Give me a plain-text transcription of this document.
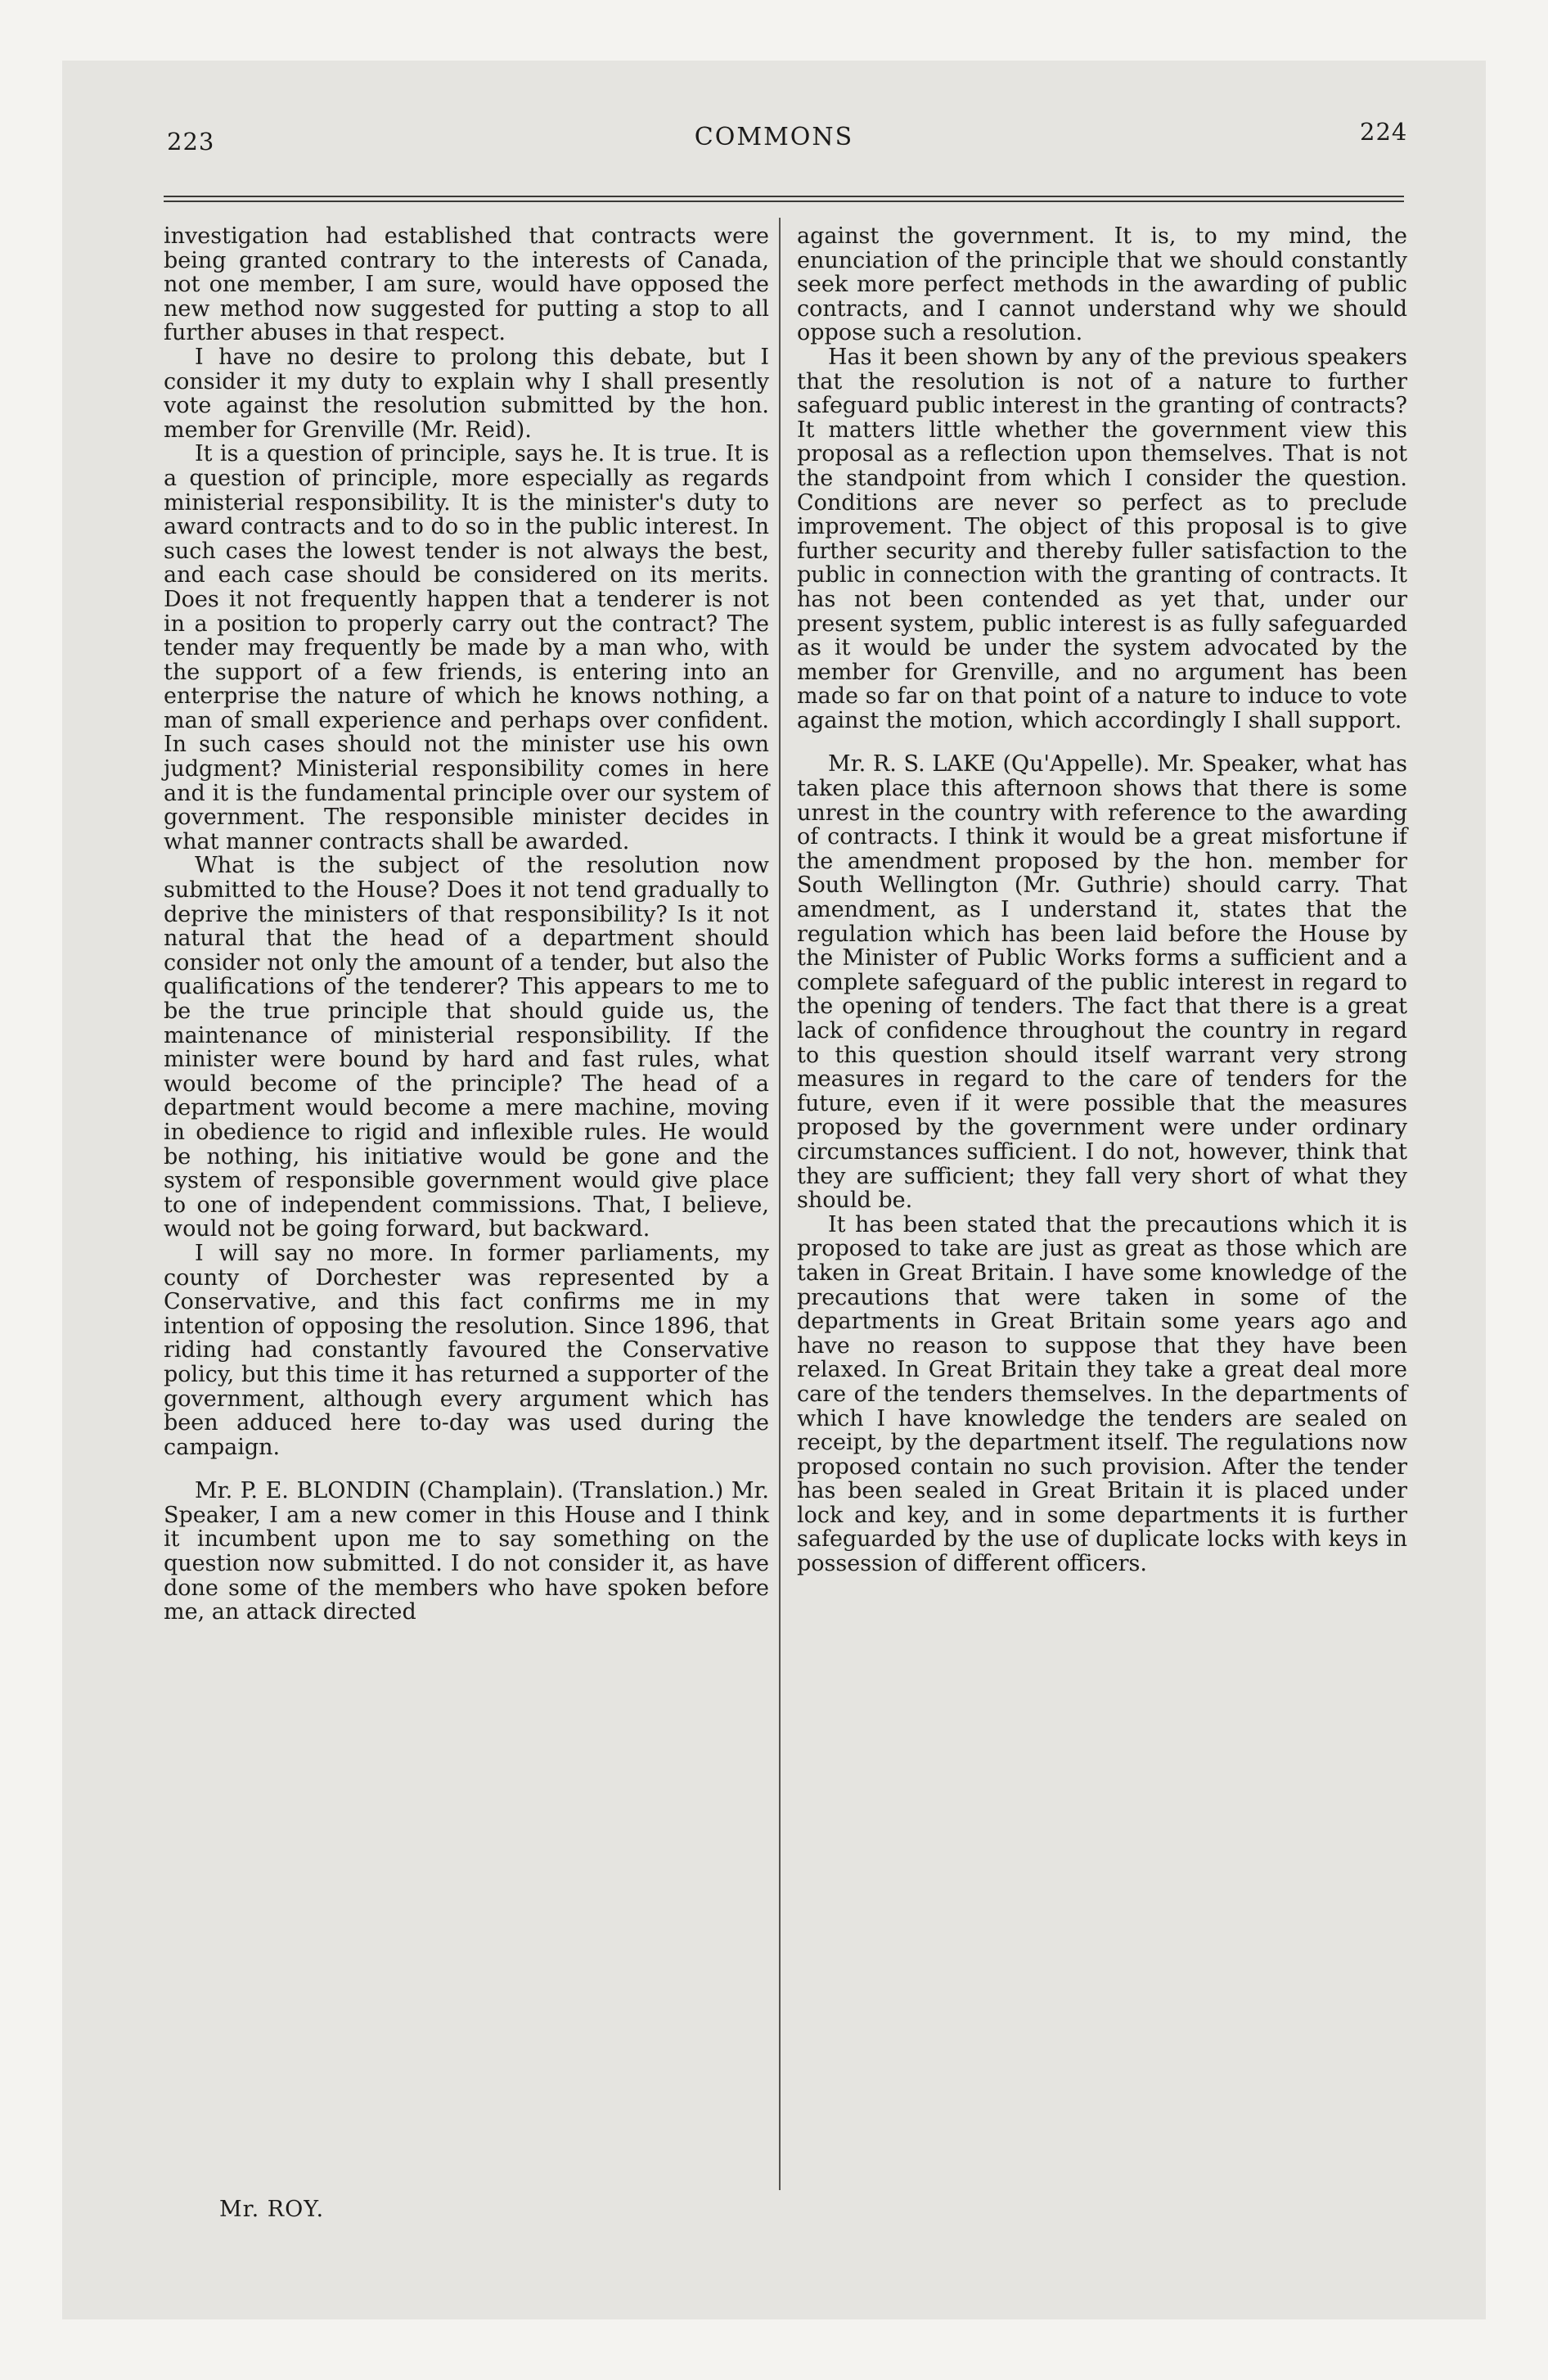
223	COMMONS	224

investigation had established that contracts were being granted contrary to the interests of Canada, not one member, I am sure, would have opposed the new method now suggested for putting a stop to all further abuses in that respect.

I have no desire to prolong this debate, but I consider it my duty to explain why I shall presently vote against the resolution submitted by the hon. member for Grenville (Mr. Reid).

It is a question of principle, says he. It is true. It is a question of principle, more especially as regards ministerial responsibility. It is the minister's duty to award contracts and to do so in the public interest. In such cases the lowest tender is not always the best, and each case should be considered on its merits. Does it not frequently happen that a tenderer is not in a position to properly carry out the contract? The tender may frequently be made by a man who, with the support of a few friends, is entering into an enterprise the nature of which he knows nothing, a man of small experience and perhaps over confident. In such cases should not the minister use his own judgment? Ministerial responsibility comes in here and it is the fundamental principle over our system of government. The responsible minister decides in what manner contracts shall be awarded.

What is the subject of the resolution now submitted to the House? Does it not tend gradually to deprive the ministers of that responsibility? Is it not natural that the head of a department should consider not only the amount of a tender, but also the qualifications of the tenderer? This appears to me to be the true principle that should guide us, the maintenance of ministerial responsibility. If the minister were bound by hard and fast rules, what would become of the principle? The head of a department would become a mere machine, moving in obedience to rigid and inflexible rules. He would be nothing, his initiative would be gone and the system of responsible government would give place to one of independent commissions. That, I believe, would not be going forward, but backward.

I will say no more. In former parliaments, my county of Dorchester was represented by a Conservative, and this fact confirms me in my intention of opposing the resolution. Since 1896, that riding had constantly favoured the Conservative policy, but this time it has returned a supporter of the government, although every argument which has been adduced here to-day was used during the campaign.

Mr. P. E. BLONDIN (Champlain). (Translation.) Mr. Speaker, I am a new comer in this House and I think it incumbent upon me to say something on the question now submitted. I do not consider it, as have done some of the members who have spoken before me, an attack directed

against the government. It is, to my mind, the enunciation of the principle that we should constantly seek more perfect methods in the awarding of public contracts, and I cannot understand why we should oppose such a resolution.

Has it been shown by any of the previous speakers that the resolution is not of a nature to further safeguard public interest in the granting of contracts? It matters little whether the government view this proposal as a reflection upon themselves. That is not the standpoint from which I consider the question. Conditions are never so perfect as to preclude improvement. The object of this proposal is to give further security and thereby fuller satisfaction to the public in connection with the granting of contracts. It has not been contended as yet that, under our present system, public interest is as fully safeguarded as it would be under the system advocated by the member for Grenville, and no argument has been made so far on that point of a nature to induce to vote against the motion, which accordingly I shall support.

Mr. R. S. LAKE (Qu'Appelle). Mr. Speaker, what has taken place this afternoon shows that there is some unrest in the country with reference to the awarding of contracts. I think it would be a great misfortune if the amendment proposed by the hon. member for South Wellington (Mr. Guthrie) should carry. That amendment, as I understand it, states that the regulation which has been laid before the House by the Minister of Public Works forms a sufficient and a complete safeguard of the public interest in regard to the opening of tenders. The fact that there is a great lack of confidence throughout the country in regard to this question should itself warrant very strong measures in regard to the care of tenders for the future, even if it were possible that the measures proposed by the government were under ordinary circumstances sufficient. I do not, however, think that they are sufficient; they fall very short of what they should be.

It has been stated that the precautions which it is proposed to take are just as great as those which are taken in Great Britain. I have some knowledge of the precautions that were taken in some of the departments in Great Britain some years ago and have no reason to suppose that they have been relaxed. In Great Britain they take a great deal more care of the tenders themselves. In the departments of which I have knowledge the tenders are sealed on receipt, by the department itself. The regulations now proposed contain no such provision. After the tender has been sealed in Great Britain it is placed under lock and key, and in some departments it is further safeguarded by the use of duplicate locks with keys in possession of different officers.

Mr. ROY.
